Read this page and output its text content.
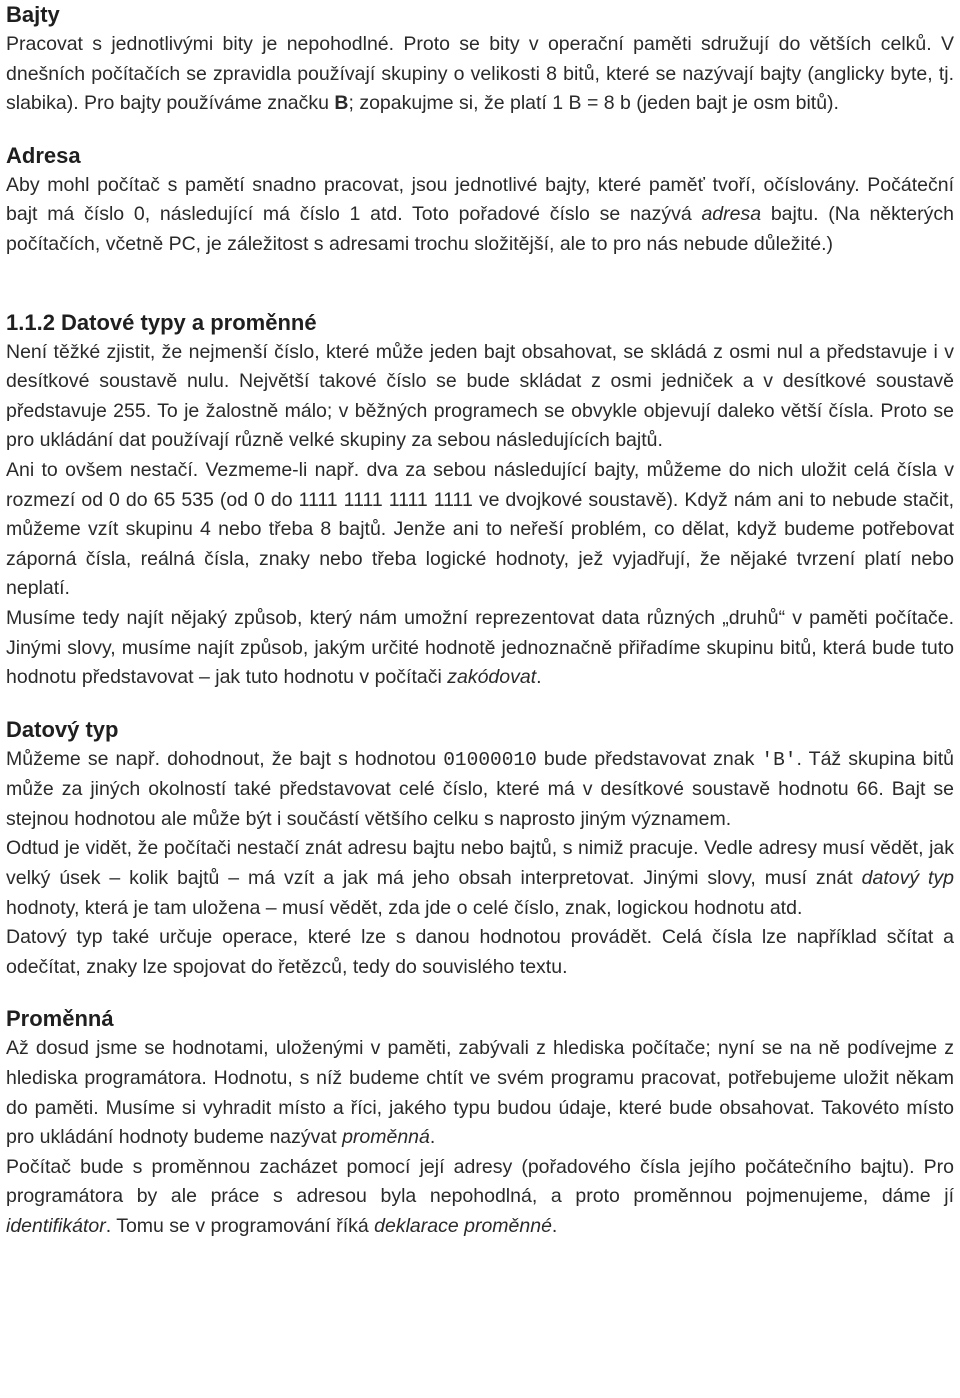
Bajty

Pracovat s jednotlivými bity je nepohodlné. Proto se bity v operační paměti sdružují do větších celků. V dnešních počítačích se zpravidla používají skupiny o velikosti 8 bitů, které se nazývají bajty (anglicky byte, tj. slabika). Pro bajty používáme značku B; zopakujme si, že platí 1 B = 8 b (jeden bajt je osm bitů).

Adresa

Aby mohl počítač s pamětí snadno pracovat, jsou jednotlivé bajty, které paměť tvoří, očíslovány. Počáteční bajt má číslo 0, následující má číslo 1 atd. Toto pořadové číslo se nazývá adresa bajtu. (Na některých počítačích, včetně PC, je záležitost s adresami trochu složitější, ale to pro nás nebude důležité.)

1.1.2 Datové typy a proměnné

Není těžké zjistit, že nejmenší číslo, které může jeden bajt obsahovat, se skládá z osmi nul a představuje i v desítkové soustavě nulu. Největší takové číslo se bude skládat z osmi jedniček a v desítkové soustavě představuje 255. To je žalostně málo; v běžných programech se obvykle objevují daleko větší čísla. Proto se pro ukládání dat používají různě velké skupiny za sebou následujících bajtů.

Ani to ovšem nestačí. Vezmeme-li např. dva za sebou následující bajty, můžeme do nich uložit celá čísla v rozmezí od 0 do 65 535 (od 0 do 1111 1111 1111 1111 ve dvojkové soustavě). Když nám ani to nebude stačit, můžeme vzít skupinu 4 nebo třeba 8 bajtů. Jenže ani to neřeší problém, co dělat, když budeme potřebovat záporná čísla, reálná čísla, znaky nebo třeba logické hodnoty, jež vyjadřují, že nějaké tvrzení platí nebo neplatí.

Musíme tedy najít nějaký způsob, který nám umožní reprezentovat data různých „druhů“ v paměti počítače. Jinými slovy, musíme najít způsob, jakým určité hodnotě jednoznačně přiřadíme skupinu bitů, která bude tuto hodnotu představovat – jak tuto hodnotu v počítači zakódovat.

Datový typ

Můžeme se např. dohodnout, že bajt s hodnotou 01000010 bude představovat znak 'B'. Táž skupina bitů může za jiných okolností také představovat celé číslo, které má v desítkové soustavě hodnotu 66. Bajt se stejnou hodnotou ale může být i součástí většího celku s naprosto jiným významem.

Odtud je vidět, že počítači nestačí znát adresu bajtu nebo bajtů, s nimiž pracuje. Vedle adresy musí vědět, jak velký úsek – kolik bajtů – má vzít a jak má jeho obsah interpretovat. Jinými slovy, musí znát datový typ hodnoty, která je tam uložena – musí vědět, zda jde o celé číslo, znak, logickou hodnotu atd.

Datový typ také určuje operace, které lze s danou hodnotou provádět. Celá čísla lze například sčítat a odečítat, znaky lze spojovat do řetězců, tedy do souvislého textu.

Proměnná

Až dosud jsme se hodnotami, uloženými v paměti, zabývali z hlediska počítače; nyní se na ně podívejme z hlediska programátora. Hodnotu, s níž budeme chtít ve svém programu pracovat, potřebujeme uložit někam do paměti. Musíme si vyhradit místo a říci, jakého typu budou údaje, které bude obsahovat. Takovéto místo pro ukládání hodnoty budeme nazývat proměnná.

Počítač bude s proměnnou zacházet pomocí její adresy (pořadového čísla jejího počátečního bajtu). Pro programátora by ale práce s adresou byla nepohodlná, a proto proměnnou pojmenujeme, dáme jí identifikátor. Tomu se v programování říká deklarace proměnné.
